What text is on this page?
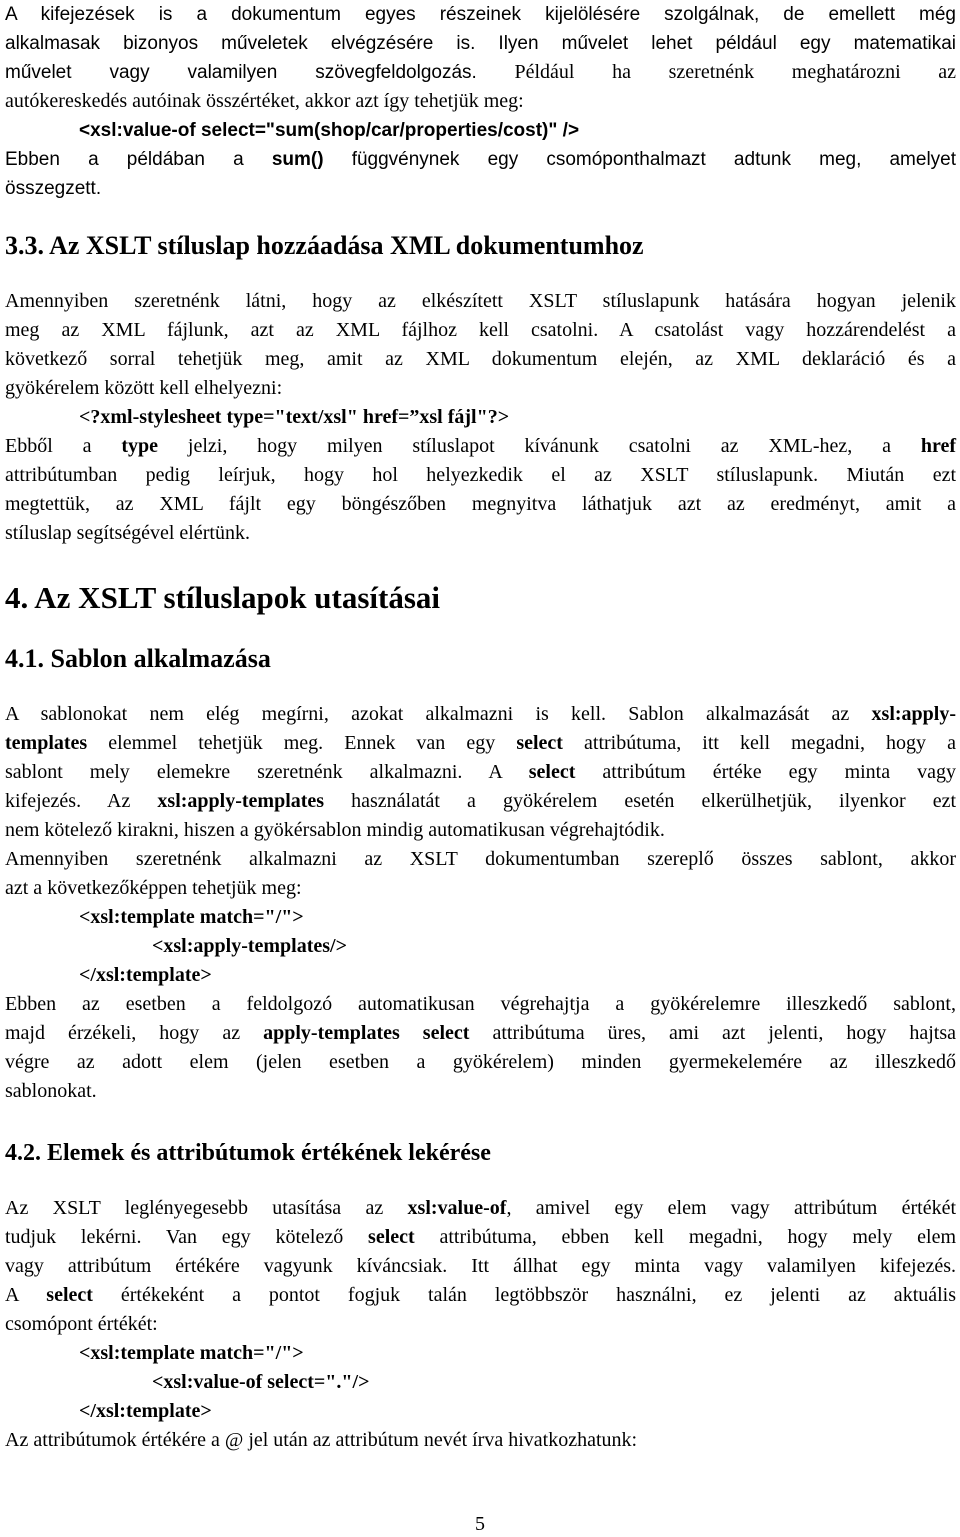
A kifejezések is a dokumentum egyes részeinek kijelölésére szolgálnak, de emellett még

alkalmasak bizonyos műveletek elvégzésére is. Ilyen művelet lehet például egy matematikai

művelet vagy valamilyen szövegfeldolgozás. Például ha szeretnénk meghatározni az

autókereskedés autóinak összértéket, akkor azt így tehetjük meg:

<xsl:value-of select="sum(shop/car/properties/cost)" />

Ebben a példában a sum() függvénynek egy csomóponthalmazt adtunk meg, amelyet

összegzett.

3.3. Az XSLT stíluslap hozzáadása XML dokumentumhoz

Amennyiben szeretnénk látni, hogy az elkészített XSLT stíluslapunk hatására hogyan jelenik

meg az XML fájlunk, azt az XML fájlhoz kell csatolni. A csatolást vagy hozzárendelést a

következő sorral tehetjük meg, amit az XML dokumentum elején, az XML deklaráció és a

gyökérelem között kell elhelyezni:

<?xml-stylesheet type="text/xsl" href=”xsl fájl"?>

Ebből a type jelzi, hogy milyen stíluslapot kívánunk csatolni az XML-hez, a href

attribútumban pedig leírjuk, hogy hol helyezkedik el az XSLT stíluslapunk. Miután ezt

megtettük, az XML fájlt egy böngészőben megnyitva láthatjuk azt az eredményt, amit a

stíluslap segítségével elértünk.

4. Az XSLT stíluslapok utasításai
4.1. Sablon alkalmazása

A sablonokat nem elég megírni, azokat alkalmazni is kell. Sablon alkalmazását az xsl:apply-

templates elemmel tehetjük meg. Ennek van egy select attribútuma, itt kell megadni, hogy a

sablont mely elemekre szeretnénk alkalmazni. A select attribútum értéke egy minta vagy

kifejezés. Az xsl:apply-templates használatát a gyökérelem esetén elkerülhetjük, ilyenkor ezt

nem kötelező kirakni, hiszen a gyökérsablon mindig automatikusan végrehajtódik.

Amennyiben szeretnénk alkalmazni az XSLT dokumentumban szereplő összes sablont, akkor

azt a következőképpen tehetjük meg:

<xsl:template match="/">
<xsl:apply-templates/>
</xsl:template>

Ebben az esetben a feldolgozó automatikusan végrehajtja a gyökérelemre illeszkedő sablont,

majd érzékeli, hogy az apply-templates select attribútuma üres, ami azt jelenti, hogy hajtsa

végre az adott elem (jelen esetben a gyökérelem) minden gyermekelemére az illeszkedő

sablonokat.

4.2. Elemek és attribútumok értékének lekérése

Az XSLT leglényegesebb utasítása az xsl:value-of, amivel egy elem vagy attribútum értékét

tudjuk lekérni. Van egy kötelező select attribútuma, ebben kell megadni, hogy mely elem

vagy attribútum értékére vagyunk kíváncsiak. Itt állhat egy minta vagy valamilyen kifejezés.

A select értékeként a pontot fogjuk talán legtöbbször használni, ez jelenti az aktuális

csomópont értékét:

<xsl:template match="/">
<xsl:value-of select="."/>
</xsl:template>

Az attribútumok értékére a @ jel után az attribútum nevét írva hivatkozhatunk:

5
